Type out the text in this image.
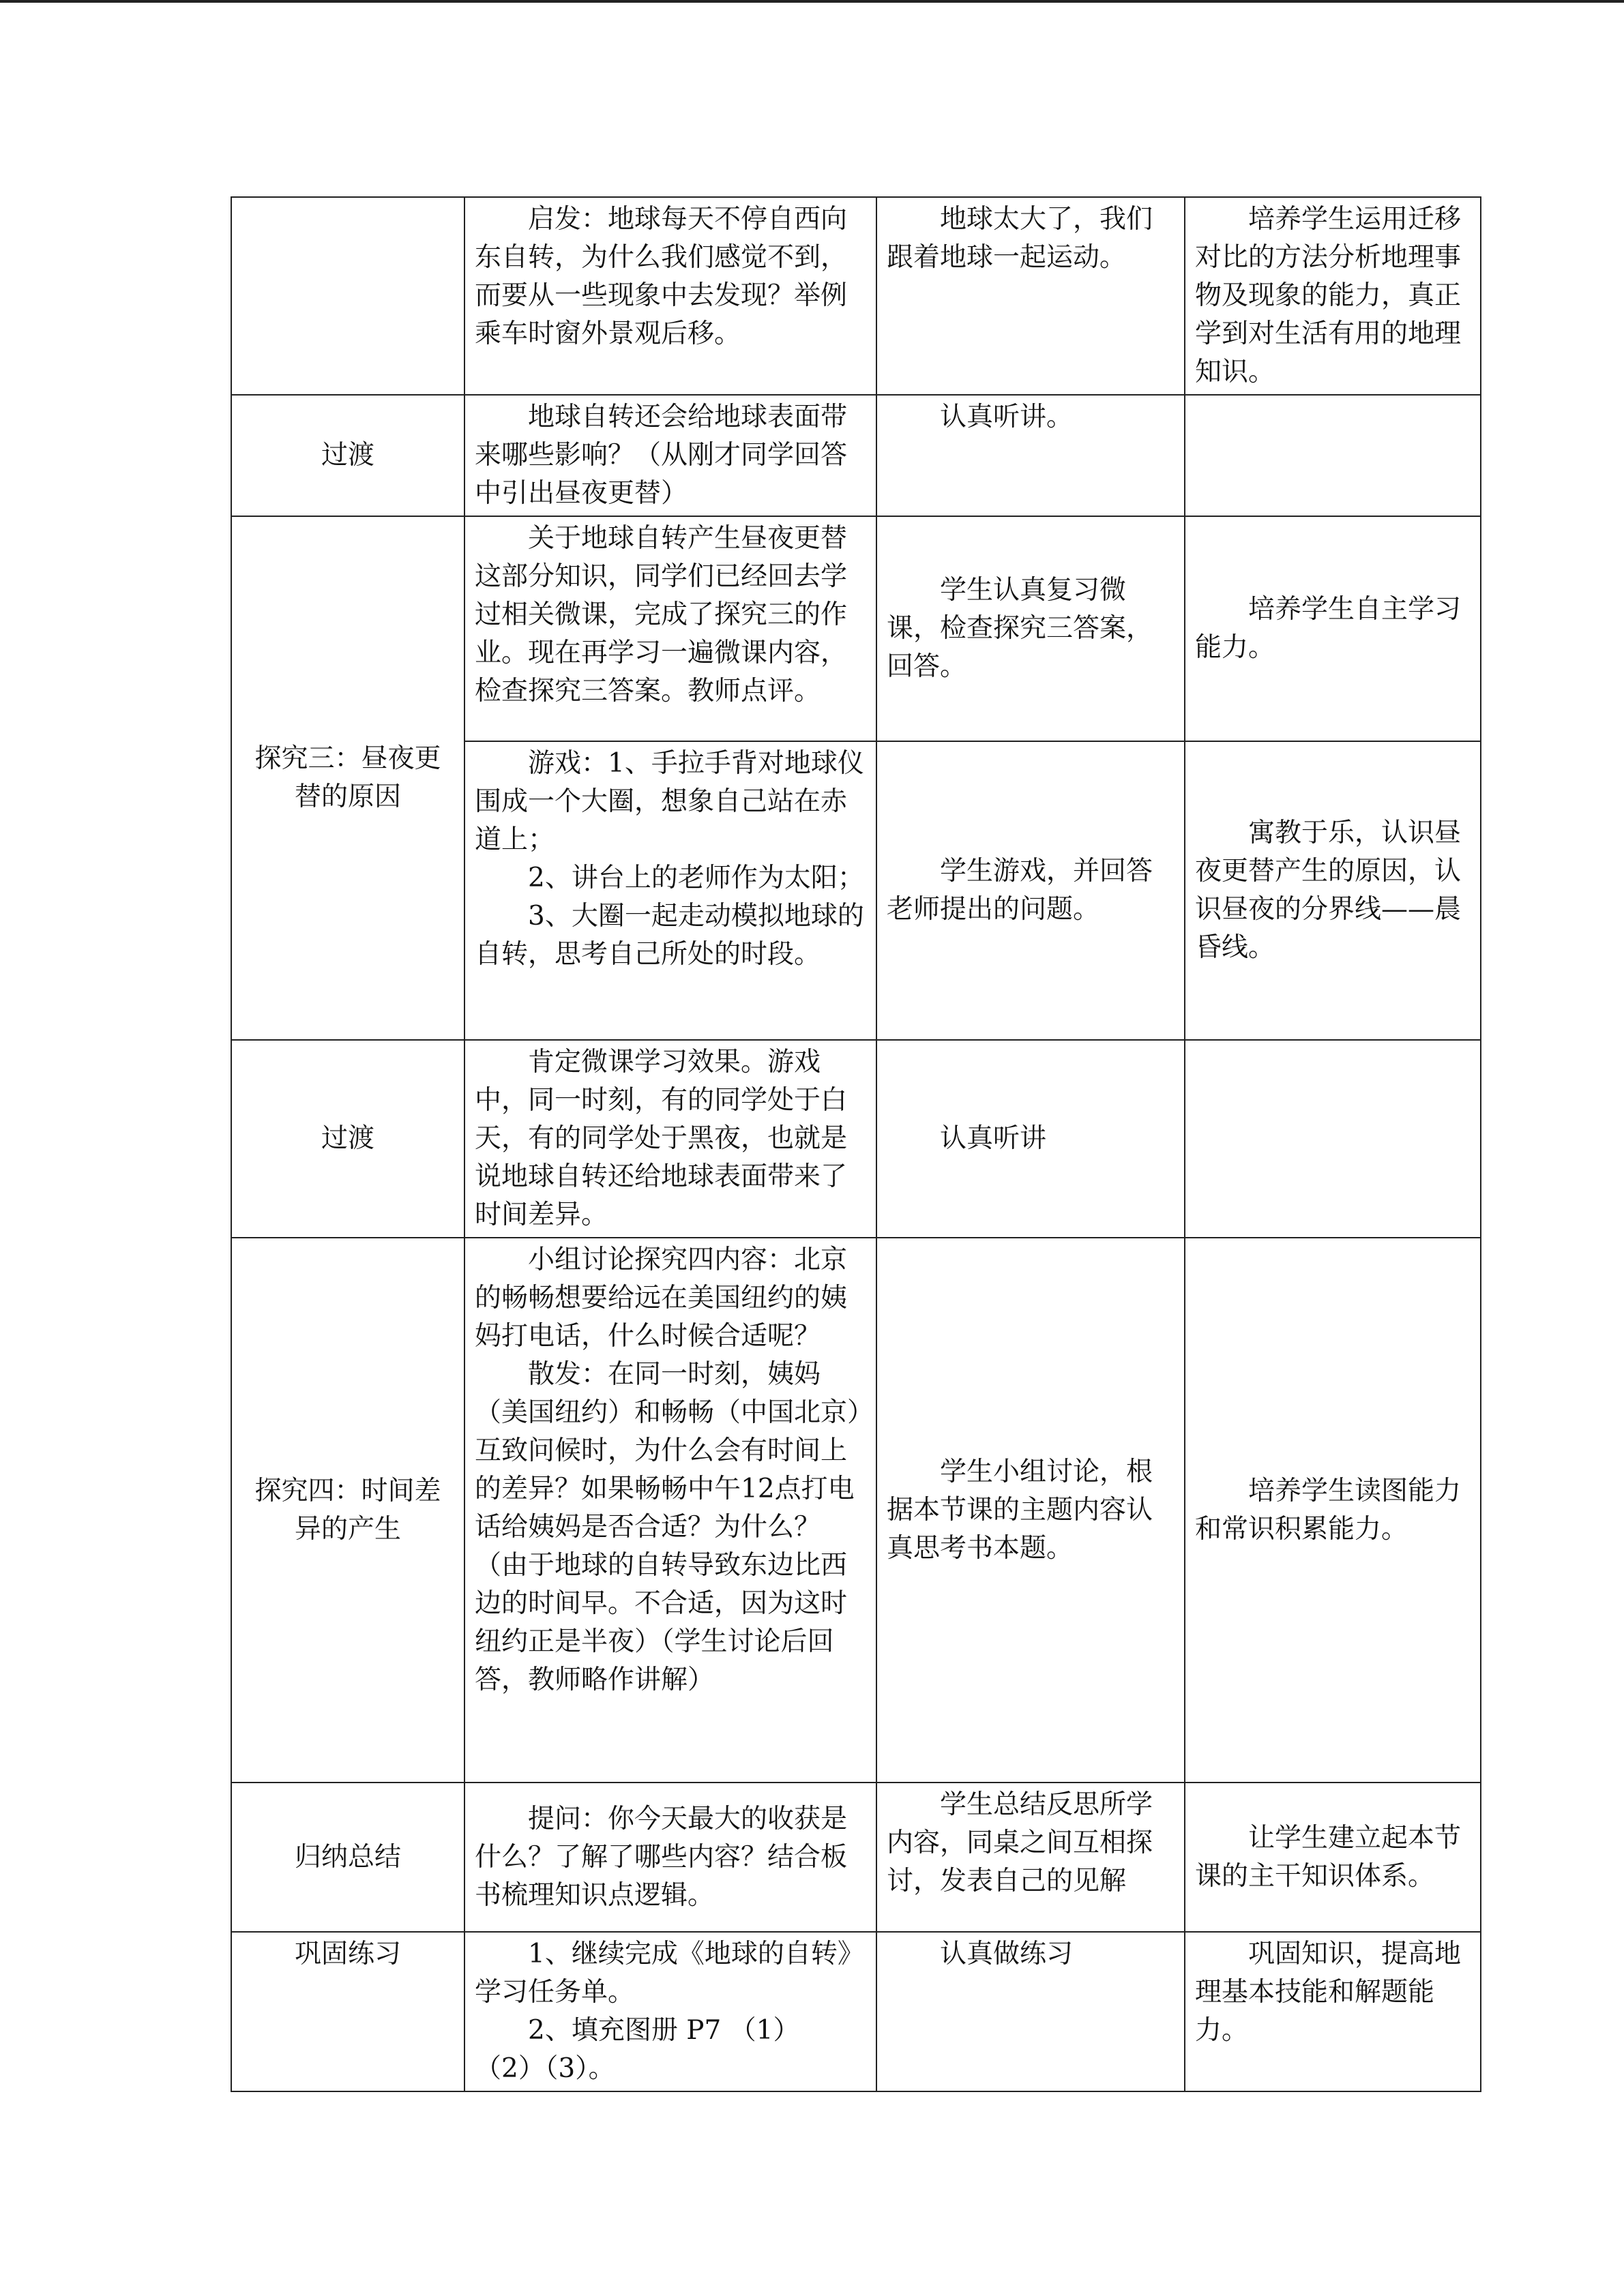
	启发：地球每天不停自西向东自转，为什么我们感觉不到，而要从一些现象中去发现？举例乘车时窗外景观后移。	地球太大了，我们跟着地球一起运动。	培养学生运用迁移对比的方法分析地理事物及现象的能力，真正学到对生活有用的地理知识。

过渡	地球自转还会给地球表面带来哪些影响？（从刚才同学回答中引出昼夜更替）	认真听讲。	

探究三：昼夜更替的原因	关于地球自转产生昼夜更替这部分知识，同学们已经回去学过相关微课，完成了探究三的作业。现在再学习一遍微课内容，检查探究三答案。教师点评。	学生认真复习微课，检查探究三答案，回答。	培养学生自主学习能力。

	游戏：1、手拉手背对地球仪围成一个大圈，想象自己站在赤道上；

2、讲台上的老师作为太阳；

3、大圈一起走动模拟地球的自转，思考自己所处的时段。	学生游戏，并回答老师提出的问题。	寓教于乐，认识昼夜更替产生的原因，认识昼夜的分界线——晨昏线。

过渡	肯定微课学习效果。游戏中，同一时刻，有的同学处于白天，有的同学处于黑夜，也就是说地球自转还给地球表面带来了时间差异。	认真听讲	

探究四：时间差异的产生	小组讨论探究四内容：北京的畅畅想要给远在美国纽约的姨妈打电话，什么时候合适呢？

散发：在同一时刻，姨妈（美国纽约）和畅畅（中国北京）互致问候时，为什么会有时间上的差异？如果畅畅中午12点打电话给姨妈是否合适？为什么？（由于地球的自转导致东边比西边的时间早。不合适，因为这时纽约正是半夜）（学生讨论后回答，教师略作讲解）	学生小组讨论，根据本节课的主题内容认真思考书本题。	培养学生读图能力和常识积累能力。

归纳总结	提问：你今天最大的收获是什么？了解了哪些内容？结合板书梳理知识点逻辑。	学生总结反思所学内容，同桌之间互相探讨，发表自己的见解	让学生建立起本节课的主干知识体系。

巩固练习	1、继续完成《地球的自转》学习任务单。

2、填充图册 P7 （1）

（2）（3）。	认真做练习	巩固知识，提高地理基本技能和解题能力。
